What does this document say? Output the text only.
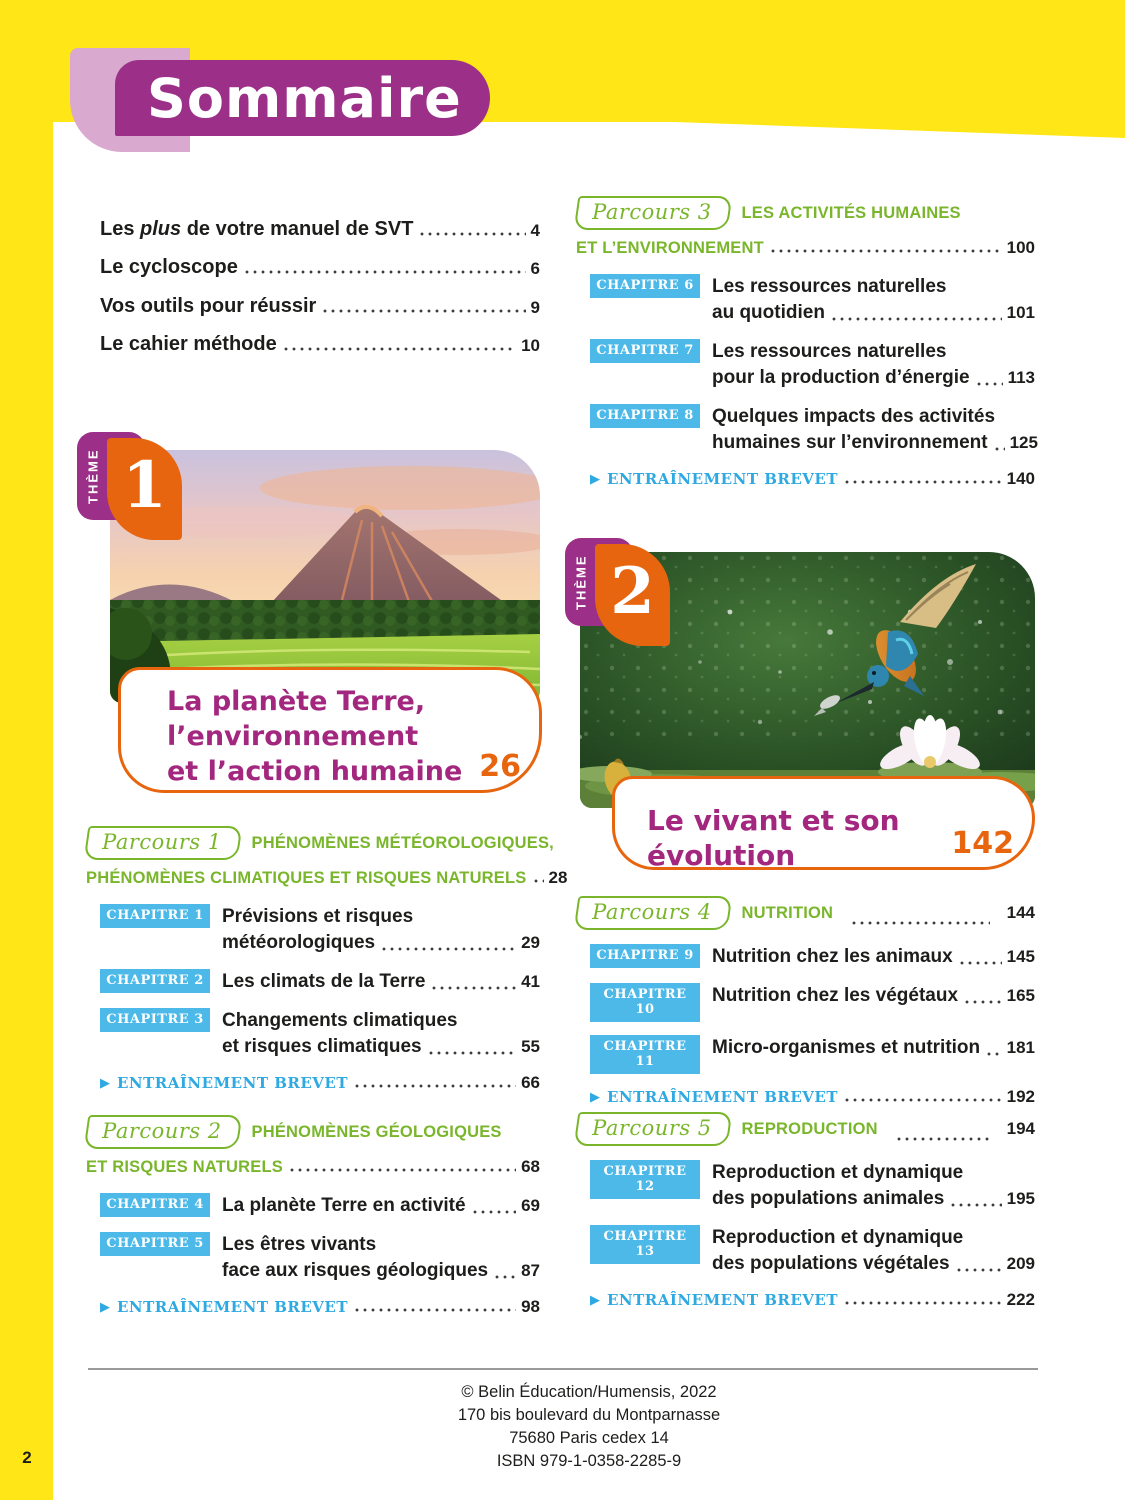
Sommaire
Les plus de votre manuel de SVT	4
Le cycloscope	6
Vos outils pour réussir	9
Le cahier méthode	10
THÈME 1
La planète Terre,
l’environnement
et l’action humaine 26
THÈME 2
Le vivant et son évolution	142
Parcours 1	PHÉNOMÈNES MÉTÉOROLOGIQUES,
PHÉNOMÈNES CLIMATIQUES ET RISQUES NATURELS 28
CHAPITRE 1 Prévisions et risques
météorologiques	29
CHAPITRE 2 Les climats de la Terre	41
CHAPITRE 3 Changements climatiques
et risques climatiques	55
▶ ENTRAÎNEMENT BREVET	66
Parcours 2	PHÉNOMÈNES GÉOLOGIQUES
ET RISQUES NATURELS	68
CHAPITRE 4 La planète Terre en activité	69
CHAPITRE 5 Les êtres vivants
face aux risques géologiques 87
▶ ENTRAÎNEMENT BREVET	98
Parcours 3	LES ACTIVITÉS HUMAINES
ET L’ENVIRONNEMENT	100
CHAPITRE 6 Les ressources naturelles
au quotidien	101
CHAPITRE 7 Les ressources naturelles
pour la production d’énergie 113
CHAPITRE 8 Quelques impacts des activités
humaines sur l’environnement 125
▶ ENTRAÎNEMENT BREVET	140
Parcours 4	NUTRITION	144
CHAPITRE 9 Nutrition chez les animaux	145
CHAPITRE 10
Nutrition chez les végétaux	165
CHAPITRE 11
Micro-organismes et nutrition 181
▶ ENTRAÎNEMENT BREVET	192
Parcours 5	REPRODUCTION	194
CHAPITRE 12
Reproduction et dynamique
des populations animales	195
CHAPITRE 13
Reproduction et dynamique
des populations végétales	209
▶ ENTRAÎNEMENT BREVET	222
© Belin Éducation/Humensis, 2022
170 bis boulevard du Montparnasse
75680 Paris cedex 14
ISBN 979-1-0358-2285-9
2
